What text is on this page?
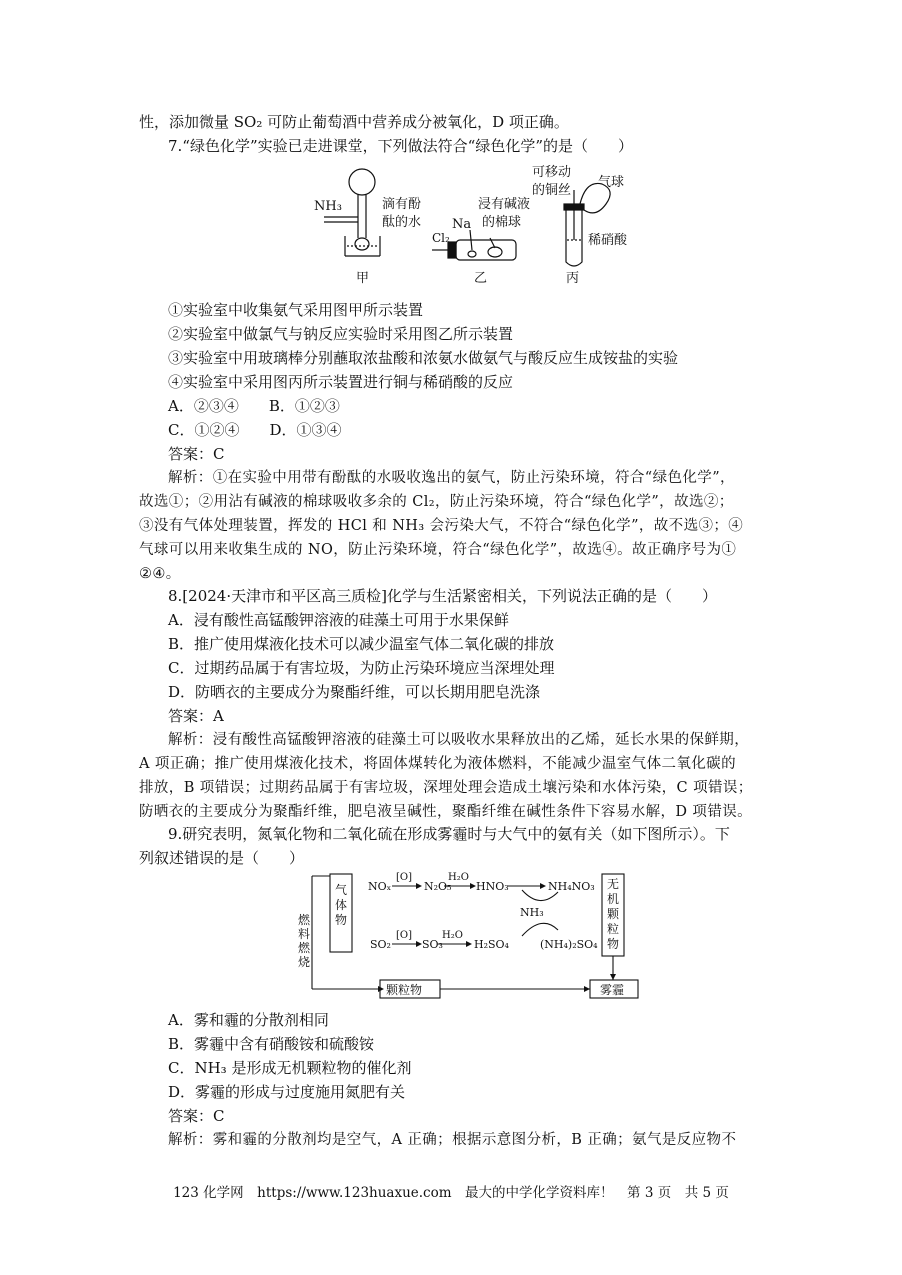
性，添加微量 SO₂ 可防止葡萄酒中营养成分被氧化，D 项正确。
7.“绿色化学”实验已走进课堂，下列做法符合“绿色化学”的是（　　）
NH₃	滴有酚
酞的水
甲
Cl₂
Na
浸有碱液
的棉球
乙
可移动
的铜丝
气球
稀硝酸
丙
①实验室中收集氨气采用图甲所示装置
②实验室中做氯气与钠反应实验时采用图乙所示装置
③实验室中用玻璃棒分别蘸取浓盐酸和浓氨水做氨气与酸反应生成铵盐的实验
④实验室中采用图丙所示装置进行铜与稀硝酸的反应
A．②③④　　B．①②③
C．①②④　　D．①③④
答案：C
解析：①在实验中用带有酚酞的水吸收逸出的氨气，防止污染环境，符合“绿色化学”，
故选①；②用沾有碱液的棉球吸收多余的 Cl₂，防止污染环境，符合“绿色化学”，故选②；
③没有气体处理装置，挥发的 HCl 和 NH₃ 会污染大气，不符合“绿色化学”，故不选③；④
气球可以用来收集生成的 NO，防止污染环境，符合“绿色化学”，故选④。故正确序号为①
②④。
8.[2024·天津市和平区高三质检]化学与生活紧密相关，下列说法正确的是（　　）
A．浸有酸性高锰酸钾溶液的硅藻土可用于水果保鲜
B．推广使用煤液化技术可以减少温室气体二氧化碳的排放
C．过期药品属于有害垃圾，为防止污染环境应当深埋处理
D．防晒衣的主要成分为聚酯纤维，可以长期用肥皂洗涤
答案：A
解析：浸有酸性高锰酸钾溶液的硅藻土可以吸收水果释放出的乙烯，延长水果的保鲜期，
A 项正确；推广使用煤液化技术，将固体煤转化为液体燃料，不能减少温室气体二氧化碳的
排放，B 项错误；过期药品属于有害垃圾，深埋处理会造成土壤污染和水体污染，C 项错误；
防晒衣的主要成分为聚酯纤维，肥皂液呈碱性，聚酯纤维在碱性条件下容易水解，D 项错误。
9.研究表明，氮氧化物和二氧化硫在形成雾霾时与大气中的氨有关（如下图所示）。下
列叙述错误的是（　　）
气体物
无机颗粒物
燃料燃烧
颗粒物	雾霾
NOₓ
[O]
N₂O₅
H₂O
HNO₃	NH₄NO₃
NH₃
SO₂
[O]
SO₃
H₂O
H₂SO₄	(NH₄)₂SO₄
A．雾和霾的分散剂相同
B．雾霾中含有硝酸铵和硫酸铵
C．NH₃ 是形成无机颗粒物的催化剂
D．雾霾的形成与过度施用氮肥有关
答案：C
解析：雾和霾的分散剂均是空气，A 正确；根据示意图分析，B 正确；氨气是反应物不
123 化学网　https://www.123huaxue.com　最大的中学化学资料库！　第 3 页　共 5 页
